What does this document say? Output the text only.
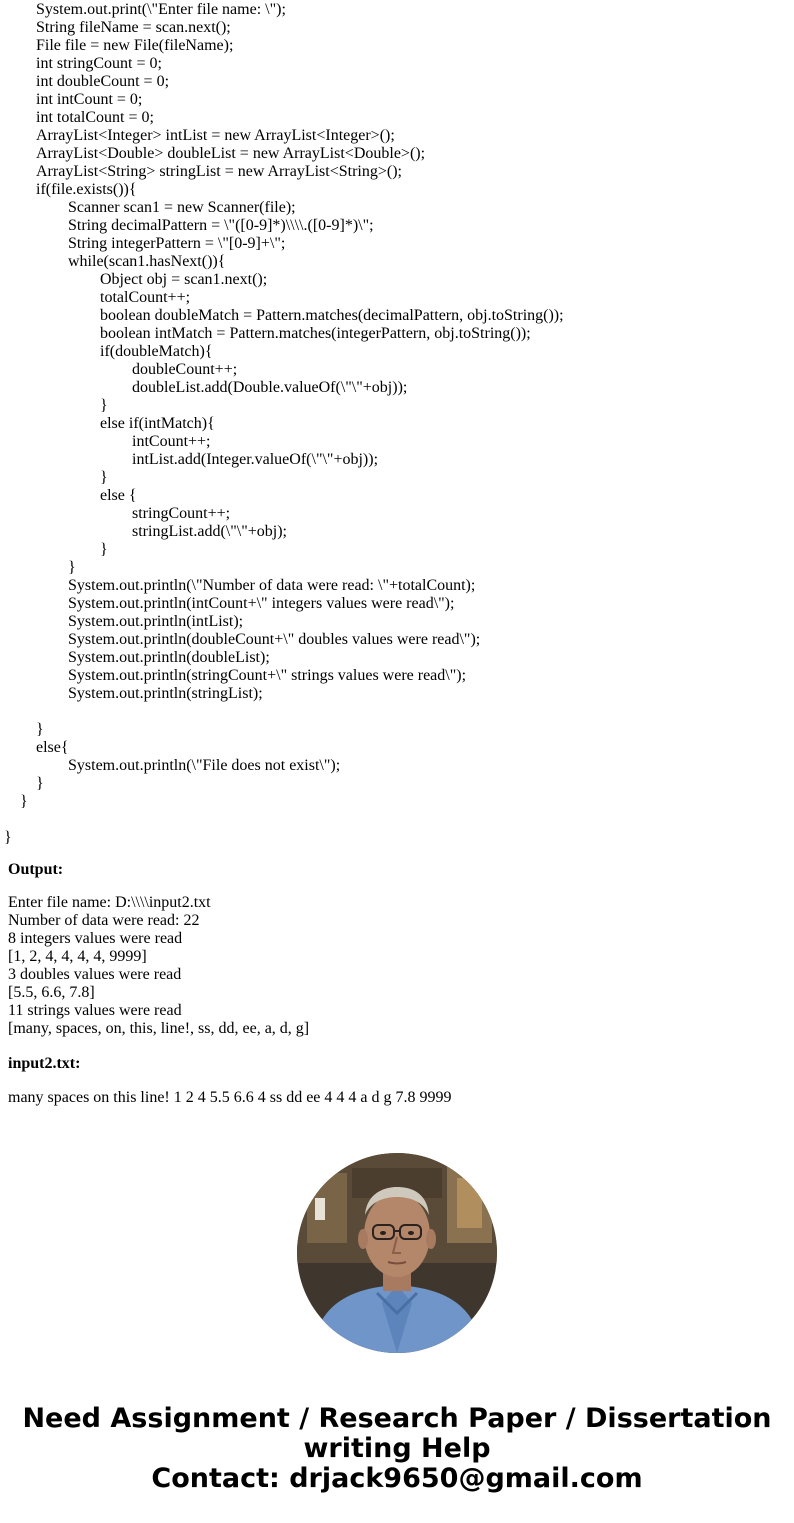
System.out.print(\"Enter file name: \");
String fileName = scan.next();
File file = new File(fileName);
int stringCount = 0;
int doubleCount = 0;
int intCount = 0;
int totalCount = 0;
ArrayList<Integer> intList = new ArrayList<Integer>();
ArrayList<Double> doubleList = new ArrayList<Double>();
ArrayList<String> stringList = new ArrayList<String>();
if(file.exists()){
Scanner scan1 = new Scanner(file);
String decimalPattern = \"([0-9]*)\\\\.([0-9]*)\";
String integerPattern = \"[0-9]+\";
while(scan1.hasNext()){
Object obj = scan1.next();
totalCount++;
boolean doubleMatch = Pattern.matches(decimalPattern, obj.toString());
boolean intMatch = Pattern.matches(integerPattern, obj.toString());
if(doubleMatch){
doubleCount++;
doubleList.add(Double.valueOf(\"\"+obj));
}
else if(intMatch){
intCount++;
intList.add(Integer.valueOf(\"\"+obj));
}
else {
stringCount++;
stringList.add(\"\"+obj);
}
}
System.out.println(\"Number of data were read: \"+totalCount);
System.out.println(intCount+\" integers values were read\");
System.out.println(intList);
System.out.println(doubleCount+\" doubles values were read\");
System.out.println(doubleList);
System.out.println(stringCount+\" strings values were read\");
System.out.println(stringList);
}
else{
System.out.println(\"File does not exist\");
}
}
}
Output:
Enter file name: D:\\\\input2.txt
Number of data were read: 22
8 integers values were read
[1, 2, 4, 4, 4, 4, 9999]
3 doubles values were read
[5.5, 6.6, 7.8]
11 strings values were read
[many, spaces, on, this, line!, ss, dd, ee, a, d, g]
input2.txt:
many spaces on this line! 1 2 4 5.5 6.6 4 ss dd ee 4 4 4 a d g 7.8 9999
Need Assignment / Research Paper / Dissertation
writing Help
Contact: drjack9650@gmail.com
